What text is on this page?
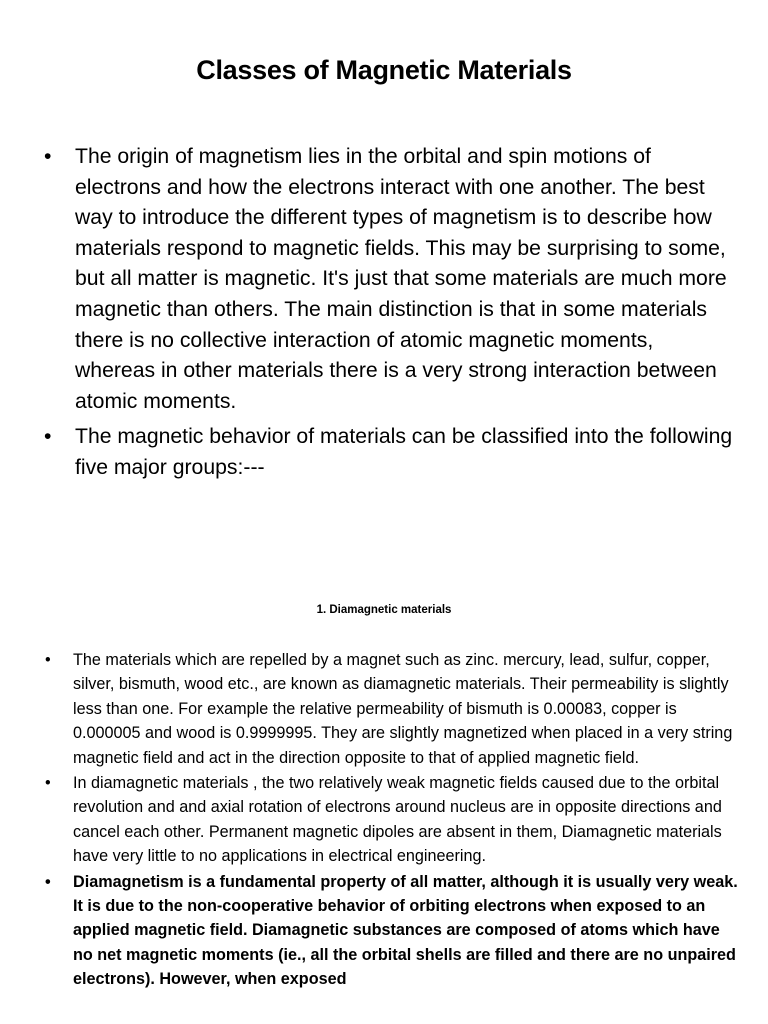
Classes of Magnetic Materials
• The origin of magnetism lies in the orbital and spin motions of electrons and how the electrons interact with one another. The best way to introduce the different types of magnetism is to describe how materials respond to magnetic fields. This may be surprising to some, but all matter is magnetic. It's just that some materials are much more magnetic than others. The main distinction is that in some materials there is no collective interaction of atomic magnetic moments, whereas in other materials there is a very strong interaction between atomic moments.
• The magnetic behavior of materials can be classified into the following five major groups:---
1. Diamagnetic materials
• The materials which are repelled by a magnet such as zinc. mercury, lead, sulfur, copper, silver, bismuth, wood etc., are known as diamagnetic materials. Their permeability is slightly less than one. For example the relative permeability of bismuth is 0.00083, copper is 0.000005 and wood is 0.9999995. They are slightly magnetized when placed in a very string magnetic field and act in the direction opposite to that of applied magnetic field.
• In diamagnetic materials , the two relatively weak magnetic fields caused due to the orbital revolution and and axial rotation of electrons around nucleus are in opposite directions and cancel each other. Permanent magnetic dipoles are absent in them, Diamagnetic materials have very little to no applications in electrical engineering.
• Diamagnetism is a fundamental property of all matter, although it is usually very weak. It is due to the non-cooperative behavior of orbiting electrons when exposed to an applied magnetic field. Diamagnetic substances are composed of atoms which have no net magnetic moments (ie., all the orbital shells are filled and there are no unpaired electrons). However, when exposed
